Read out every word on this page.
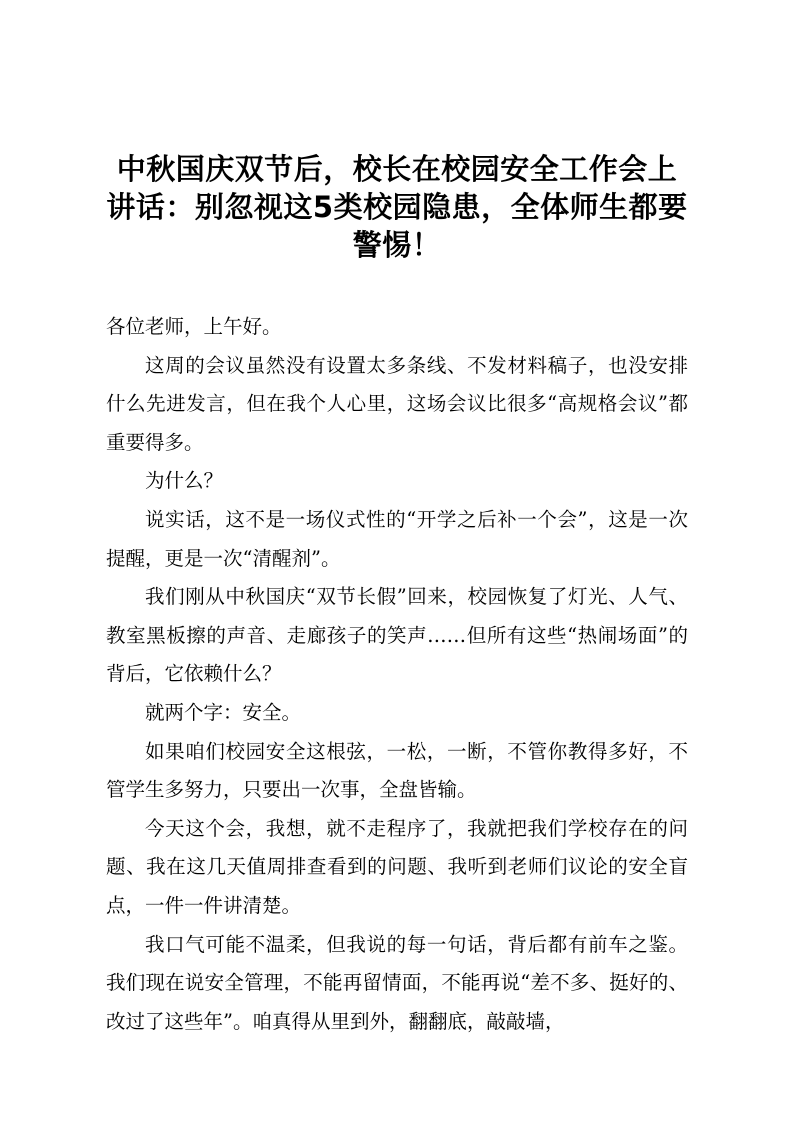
中秋国庆双节后，校长在校园安全工作会上讲话：别忽视这5类校园隐患，全体师生都要警惕！

各位老师，上午好。

这周的会议虽然没有设置太多条线、不发材料稿子，也没安排什么先进发言，但在我个人心里，这场会议比很多“高规格会议”都重要得多。

为什么？

说实话，这不是一场仪式性的“开学之后补一个会”，这是一次提醒，更是一次“清醒剂”。

我们刚从中秋国庆“双节长假”回来，校园恢复了灯光、人气、教室黑板擦的声音、走廊孩子的笑声……但所有这些“热闹场面”的背后，它依赖什么？

就两个字：安全。

如果咱们校园安全这根弦，一松，一断，不管你教得多好，不管学生多努力，只要出一次事，全盘皆输。

今天这个会，我想，就不走程序了，我就把我们学校存在的问题、我在这几天值周排查看到的问题、我听到老师们议论的安全盲点，一件一件讲清楚。

我口气可能不温柔，但我说的每一句话，背后都有前车之鉴。我们现在说安全管理，不能再留情面，不能再说“差不多、挺好的、改过了这些年”。咱真得从里到外，翻翻底，敲敲墙，
